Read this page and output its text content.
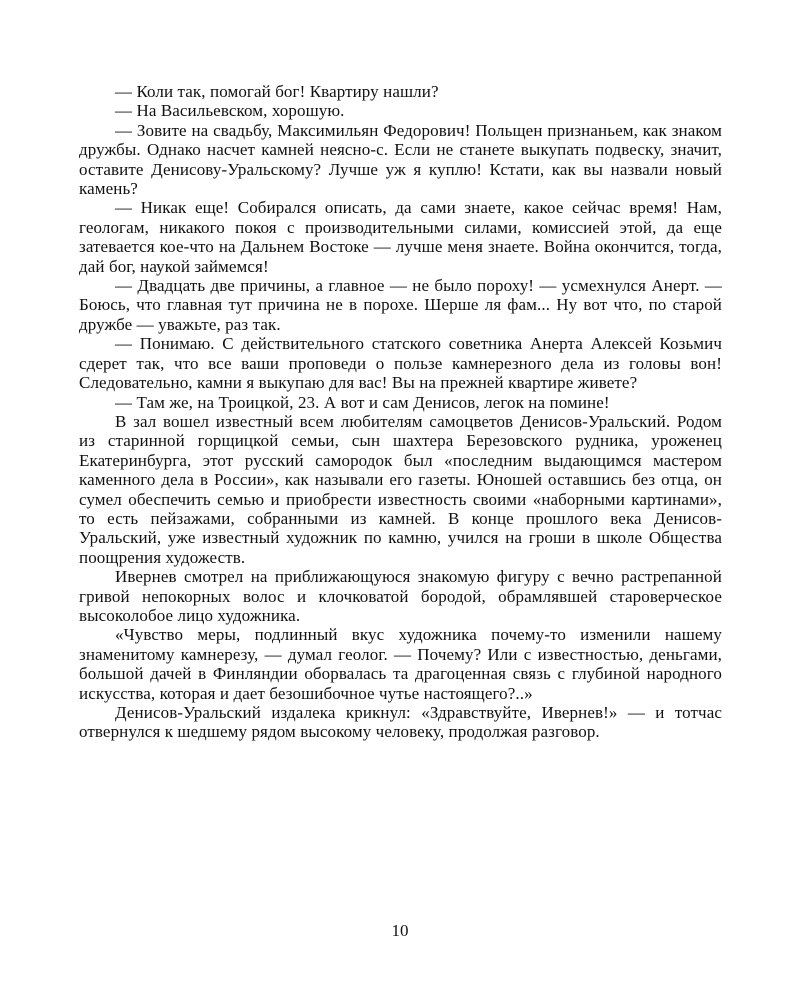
— Коли так, помогай бог! Квартиру нашли?

— На Васильевском, хорошую.

— Зовите на свадьбу, Максимильян Федорович! Польщен признаньем, как знаком дружбы. Однако насчет камней неясно-с. Если не станете выкупать подвеску, значит, оставите Денисову-Уральскому? Лучше уж я куплю! Кстати, как вы назвали новый камень?

— Никак еще! Собирался описать, да сами знаете, какое сейчас время! Нам, геологам, никакого покоя с производительными силами, комиссией этой, да еще затевается кое-что на Дальнем Востоке — лучше меня знаете. Война окончится, тогда, дай бог, наукой займемся!

— Двадцать две причины, а главное — не было пороху! — усмехнулся Анерт. — Боюсь, что главная тут причина не в порохе. Шерше ля фам... Ну вот что, по старой дружбе — уважьте, раз так.

— Понимаю. С действительного статского советника Анерта Алексей Козьмич сдерет так, что все ваши проповеди о пользе камнерезного дела из головы вон! Следовательно, камни я выкупаю для вас! Вы на прежней квартире живете?

— Там же, на Троицкой, 23. А вот и сам Денисов, легок на помине!

В зал вошел известный всем любителям самоцветов Денисов-Уральский. Родом из старинной горщицкой семьи, сын шахтера Березовского рудника, уроженец Екатеринбурга, этот русский самородок был «последним выдающимся мастером каменного дела в России», как называли его газеты. Юношей оставшись без отца, он сумел обеспечить семью и приобрести известность своими «наборными картинами», то есть пейзажами, собранными из камней. В конце прошлого века Денисов-Уральский, уже известный художник по камню, учился на гроши в школе Общества поощрения художеств.

Ивернев смотрел на приближающуюся знакомую фигуру с вечно растрепанной гривой непокорных волос и клочковатой бородой, обрамлявшей староверческое высоколобое лицо художника.

«Чувство меры, подлинный вкус художника почему-то изменили нашему знаменитому камнерезу, — думал геолог. — Почему? Или с известностью, деньгами, большой дачей в Финляндии оборвалась та драгоценная связь с глубиной народного искусства, которая и дает безошибочное чутье настоящего?..»

Денисов-Уральский издалека крикнул: «Здравствуйте, Ивернев!» — и тотчас отвернулся к шедшему рядом высокому человеку, продолжая разговор.

10
